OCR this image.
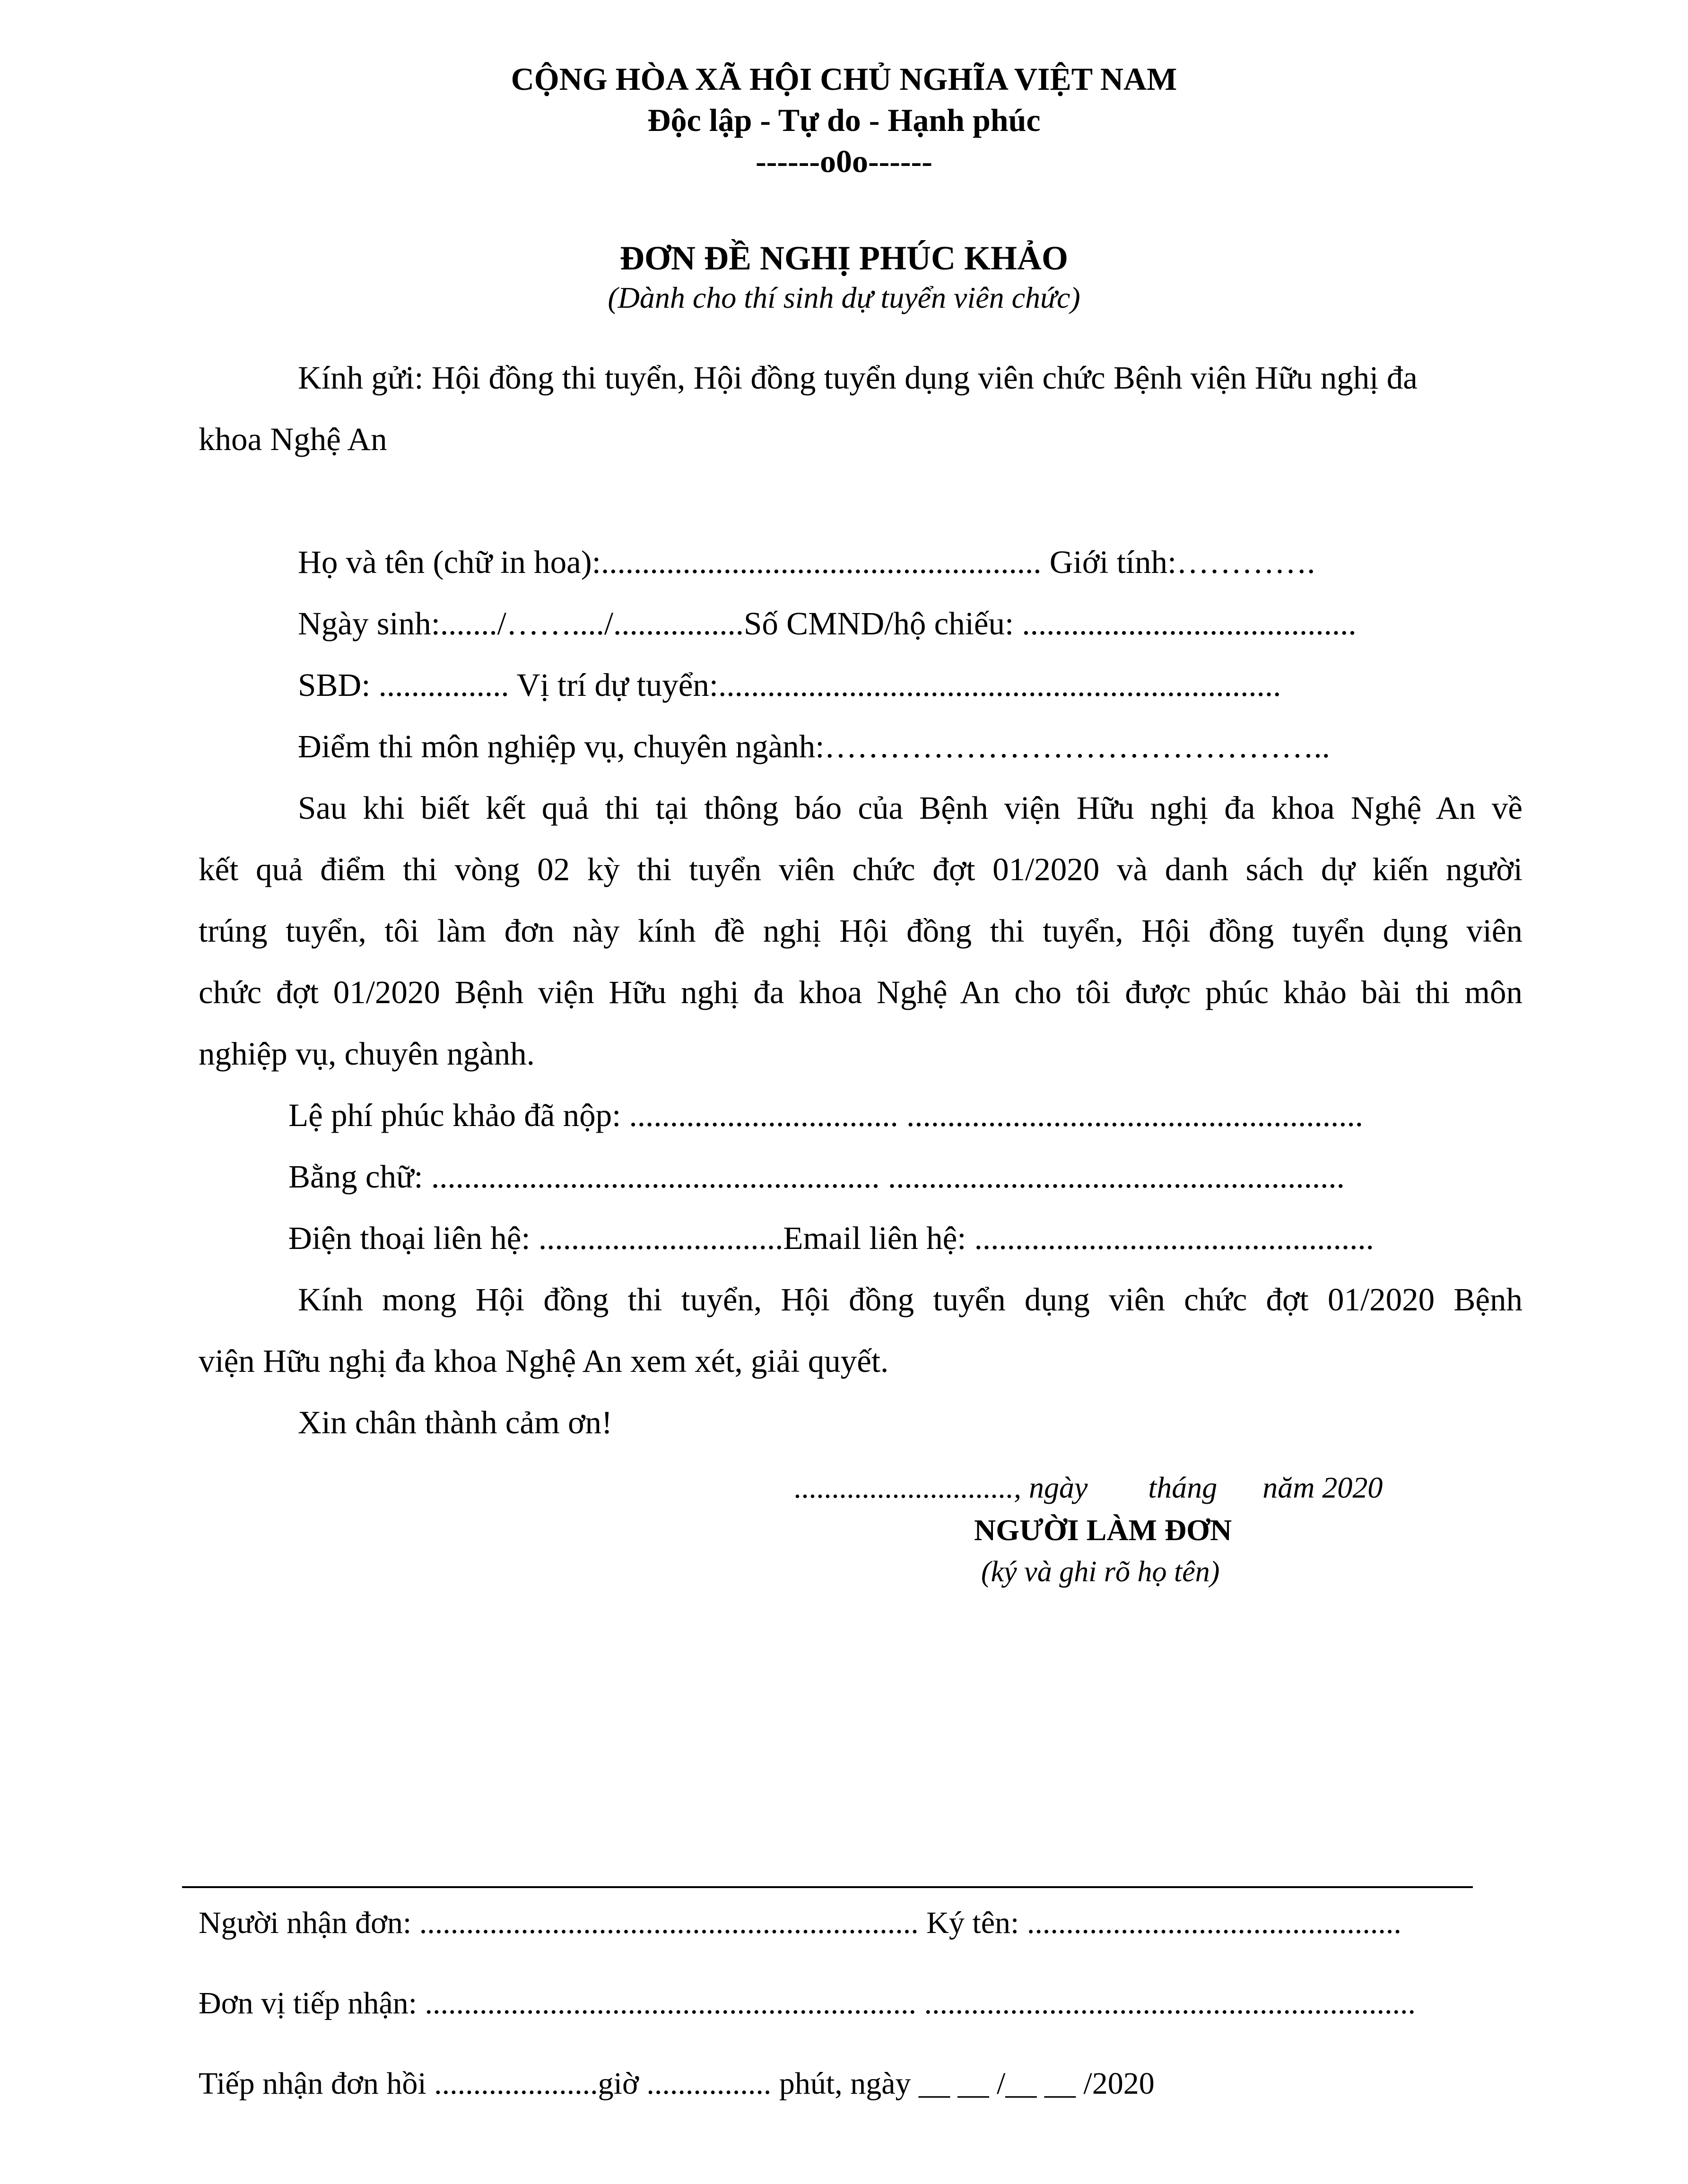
CỘNG HÒA XÃ HỘI CHỦ NGHĨA VIỆT NAM
Độc lập - Tự do - Hạnh phúc
------o0o------
ĐƠN ĐỀ NGHỊ PHÚC KHẢO
(Dành cho thí sinh dự tuyển viên chức)
Kính gửi: Hội đồng thi tuyển, Hội đồng tuyển dụng viên chức Bệnh viện Hữu nghị đa
khoa Nghệ An
Họ và tên (chữ in hoa):...................................................... Giới tính:………….
Ngày sinh:......./……..../................Số CMND/hộ chiếu: .........................................
SBD: ................ Vị trí dự tuyển:.....................................................................
Điểm thi môn nghiệp vụ, chuyên ngành:………………………………………..
Sau khi biết kết quả thi tại thông báo của Bệnh viện Hữu nghị đa khoa Nghệ An về
kết quả điểm thi vòng 02 kỳ thi tuyển viên chức đợt 01/2020 và danh sách dự kiến người
trúng tuyển, tôi làm đơn này kính đề nghị Hội đồng thi tuyển, Hội đồng tuyển dụng viên
chức đợt 01/2020 Bệnh viện Hữu nghị đa khoa Nghệ An cho tôi được phúc khảo bài thi môn
nghiệp vụ, chuyên ngành.
Lệ phí phúc khảo đã nộp: ................................. ........................................................
Bằng chữ: ....................................................... ........................................................
Điện thoại liên hệ: ..............................Email liên hệ: .................................................
Kính mong Hội đồng thi tuyển, Hội đồng tuyển dụng viên chức đợt 01/2020 Bệnh
viện Hữu nghị đa khoa Nghệ An xem xét, giải quyết.
Xin chân thành cảm ơn!
............................., ngày        tháng      năm 2020
NGƯỜI LÀM ĐƠN
(ký và ghi rõ họ tên)
Người nhận đơn: ................................................................ Ký tên: ................................................
Đơn vị tiếp nhận: ............................................................... ...............................................................
Tiếp nhận đơn hồi .....................giờ ................ phút, ngày __ __ /__ __ /2020
